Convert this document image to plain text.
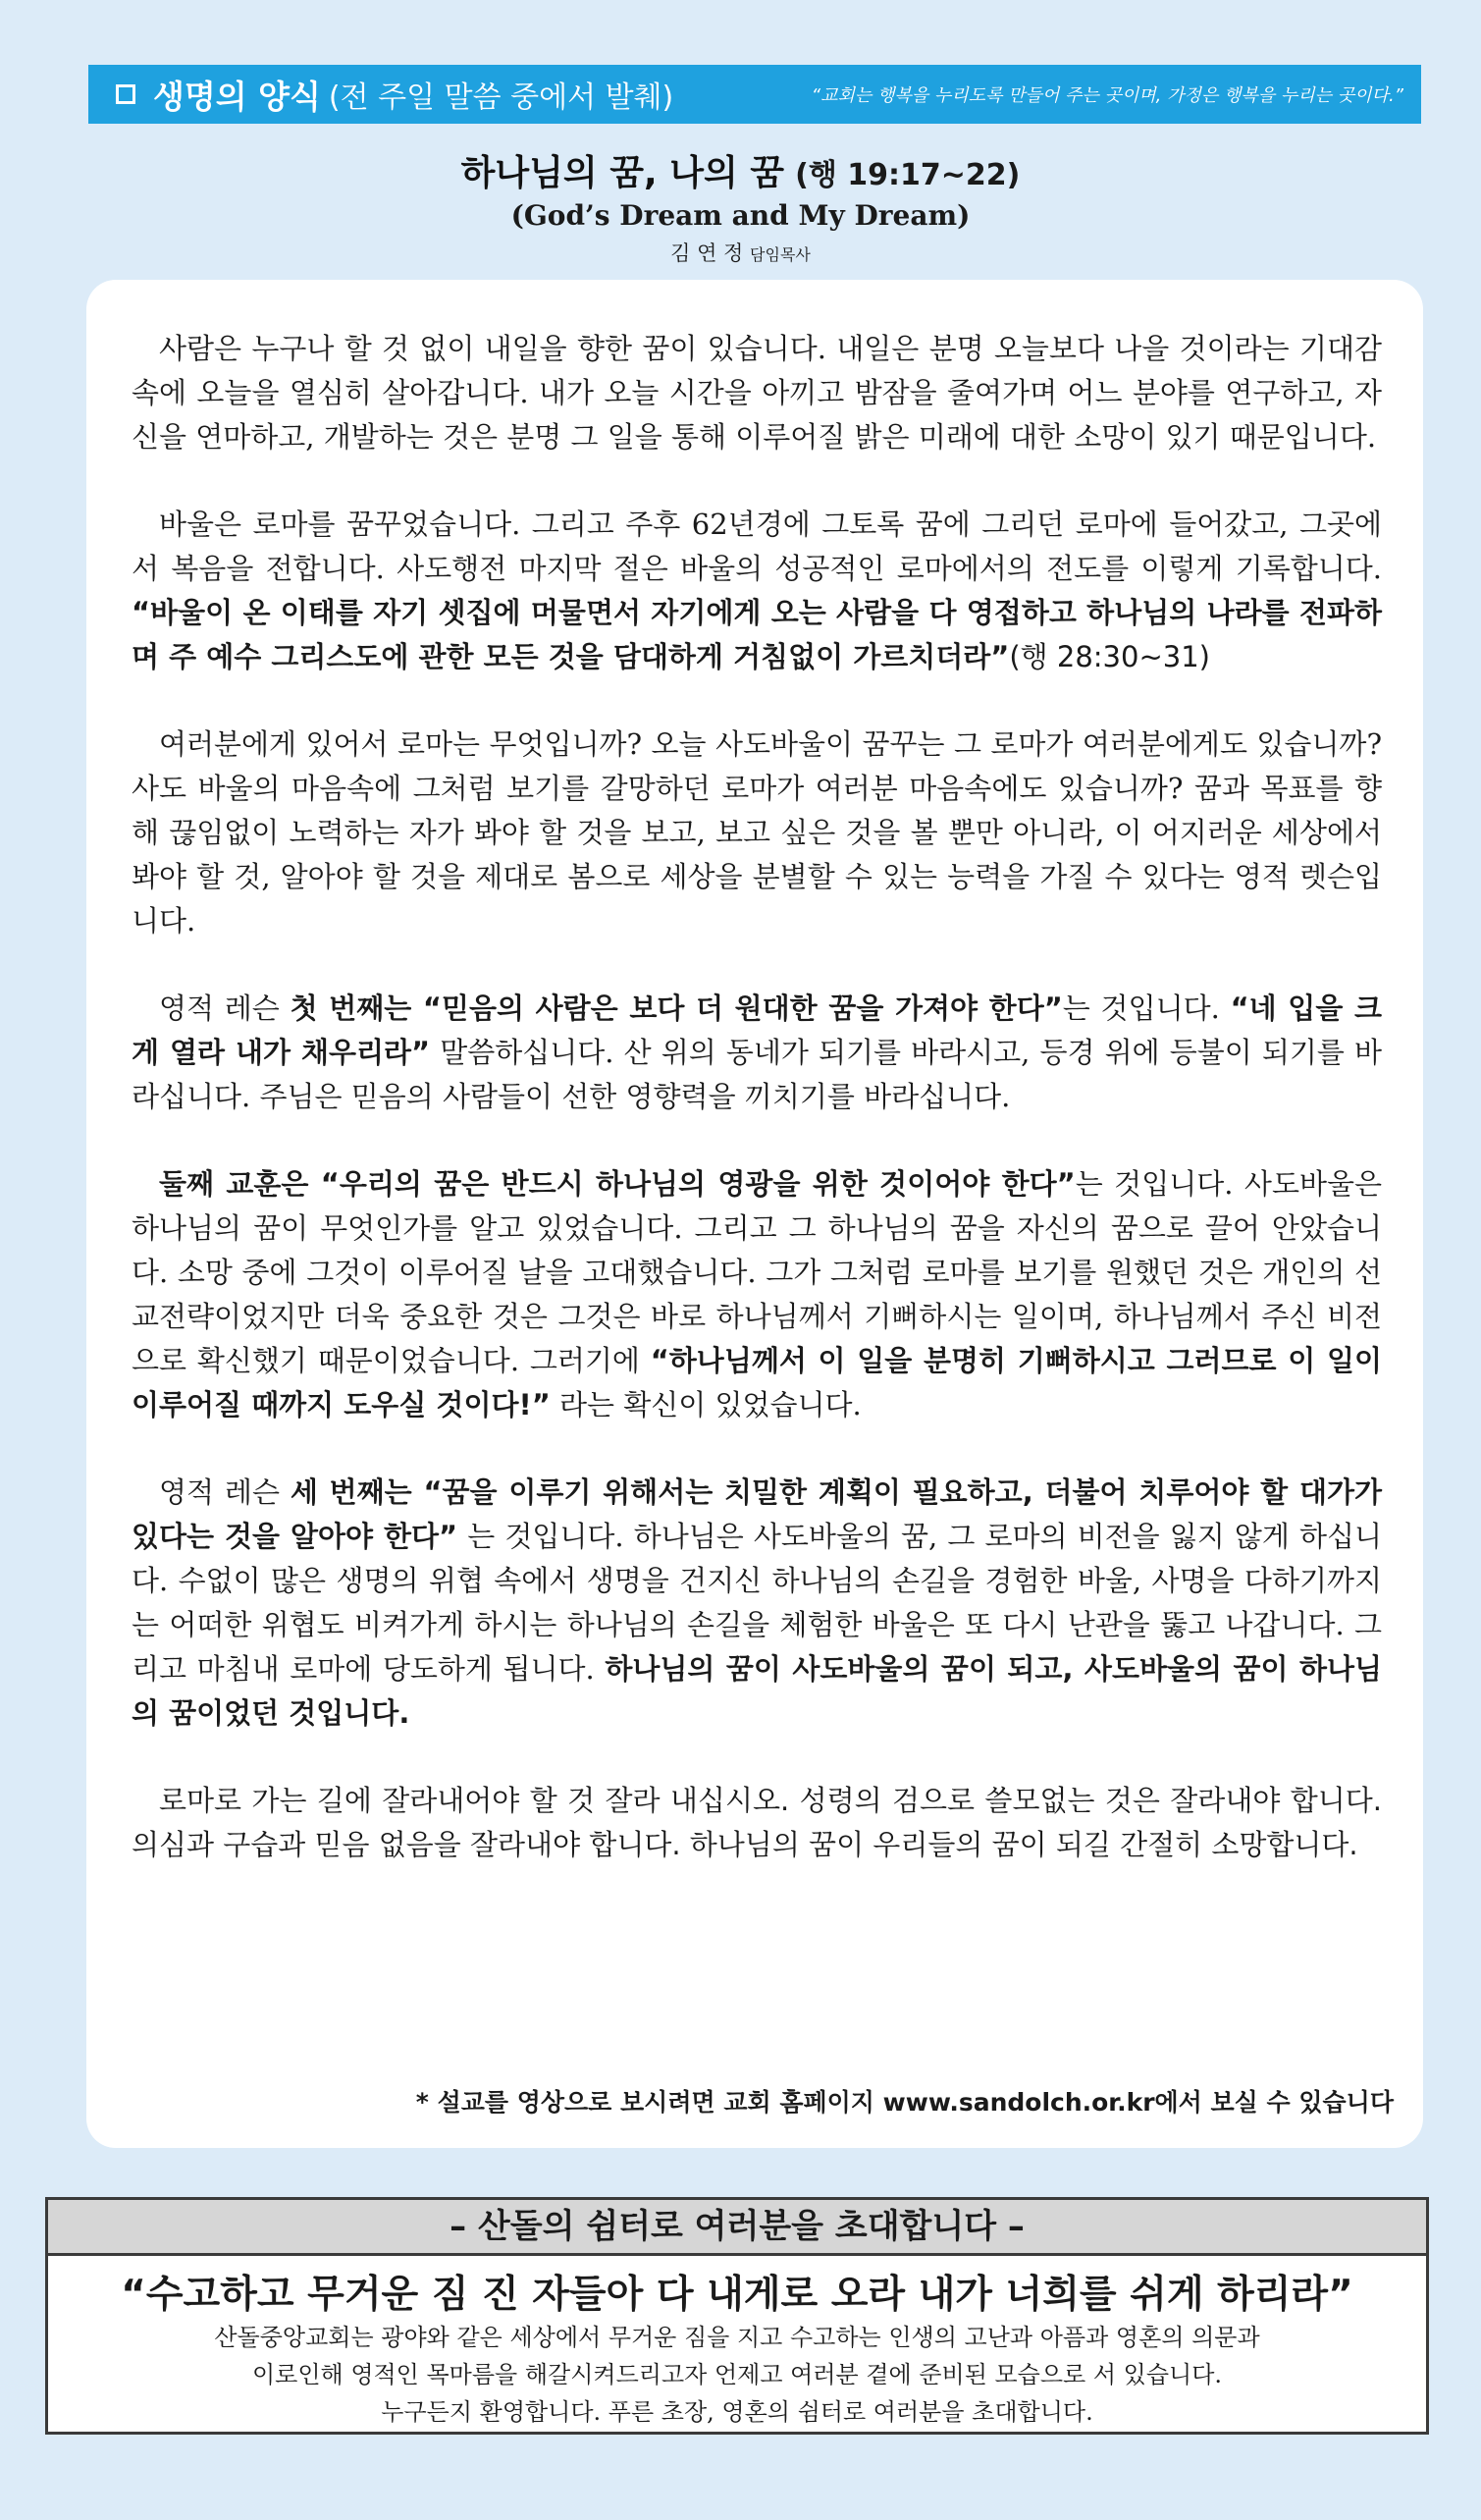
생명의 양식 (전 주일 말씀 중에서 발췌)	“교회는 행복을 누리도록 만들어 주는 곳이며, 가정은 행복을 누리는 곳이다.”
하나님의 꿈, 나의 꿈 (행 19:17~22)
(God’s Dream and My Dream)
김 연 정 담임목사

사람은 누구나 할 것 없이 내일을 향한 꿈이 있습니다. 내일은 분명 오늘보다 나을 것이라는 기대감 속에 오늘을 열심히 살아갑니다. 내가 오늘 시간을 아끼고 밤잠을 줄여가며 어느 분야를 연구하고, 자신을 연마하고, 개발하는 것은 분명 그 일을 통해 이루어질 밝은 미래에 대한 소망이 있기 때문입니다.

바울은 로마를 꿈꾸었습니다. 그리고 주후 62년경에 그토록 꿈에 그리던 로마에 들어갔고, 그곳에서 복음을 전합니다. 사도행전 마지막 절은 바울의 성공적인 로마에서의 전도를 이렇게 기록합니다. “바울이 온 이태를 자기 셋집에 머물면서 자기에게 오는 사람을 다 영접하고 하나님의 나라를 전파하며 주 예수 그리스도에 관한 모든 것을 담대하게 거침없이 가르치더라”(행 28:30~31)

여러분에게 있어서 로마는 무엇입니까? 오늘 사도바울이 꿈꾸는 그 로마가 여러분에게도 있습니까? 사도 바울의 마음속에 그처럼 보기를 갈망하던 로마가 여러분 마음속에도 있습니까? 꿈과 목표를 향해 끊임없이 노력하는 자가 봐야 할 것을 보고, 보고 싶은 것을 볼 뿐만 아니라, 이 어지러운 세상에서 봐야 할 것, 알아야 할 것을 제대로 봄으로 세상을 분별할 수 있는 능력을 가질 수 있다는 영적 렛슨입니다.

영적 레슨 첫 번째는 “믿음의 사람은 보다 더 원대한 꿈을 가져야 한다”는 것입니다. “네 입을 크게 열라 내가 채우리라” 말씀하십니다. 산 위의 동네가 되기를 바라시고, 등경 위에 등불이 되기를 바라십니다. 주님은 믿음의 사람들이 선한 영향력을 끼치기를 바라십니다.

둘째 교훈은 “우리의 꿈은 반드시 하나님의 영광을 위한 것이어야 한다”는 것입니다. 사도바울은 하나님의 꿈이 무엇인가를 알고 있었습니다. 그리고 그 하나님의 꿈을 자신의 꿈으로 끌어 안았습니다. 소망 중에 그것이 이루어질 날을 고대했습니다. 그가 그처럼 로마를 보기를 원했던 것은 개인의 선교전략이었지만 더욱 중요한 것은 그것은 바로 하나님께서 기뻐하시는 일이며, 하나님께서 주신 비전으로 확신했기 때문이었습니다. 그러기에 “하나님께서 이 일을 분명히 기뻐하시고 그러므로 이 일이 이루어질 때까지 도우실 것이다!” 라는 확신이 있었습니다.

영적 레슨 세 번째는 “꿈을 이루기 위해서는 치밀한 계획이 필요하고, 더불어 치루어야 할 대가가 있다는 것을 알아야 한다” 는 것입니다. 하나님은 사도바울의 꿈, 그 로마의 비전을 잃지 않게 하십니다. 수없이 많은 생명의 위협 속에서 생명을 건지신 하나님의 손길을 경험한 바울, 사명을 다하기까지는 어떠한 위협도 비켜가게 하시는 하나님의 손길을 체험한 바울은 또 다시 난관을 뚫고 나갑니다. 그리고 마침내 로마에 당도하게 됩니다. 하나님의 꿈이 사도바울의 꿈이 되고, 사도바울의 꿈이 하나님의 꿈이었던 것입니다.

로마로 가는 길에 잘라내어야 할 것 잘라 내십시오. 성령의 검으로 쓸모없는 것은 잘라내야 합니다. 의심과 구습과 믿음 없음을 잘라내야 합니다. 하나님의 꿈이 우리들의 꿈이 되길 간절히 소망합니다.

* 설교를 영상으로 보시려면 교회 홈페이지 www.sandolch.or.kr에서 보실 수 있습니다
– 산돌의 쉼터로 여러분을 초대합니다 –
“수고하고 무거운 짐 진 자들아 다 내게로 오라 내가 너희를 쉬게 하리라”
산돌중앙교회는 광야와 같은 세상에서 무거운 짐을 지고 수고하는 인생의 고난과 아픔과 영혼의 의문과
이로인해 영적인 목마름을 해갈시켜드리고자 언제고 여러분 곁에 준비된 모습으로 서 있습니다.
누구든지 환영합니다. 푸른 초장, 영혼의 쉼터로 여러분을 초대합니다.
